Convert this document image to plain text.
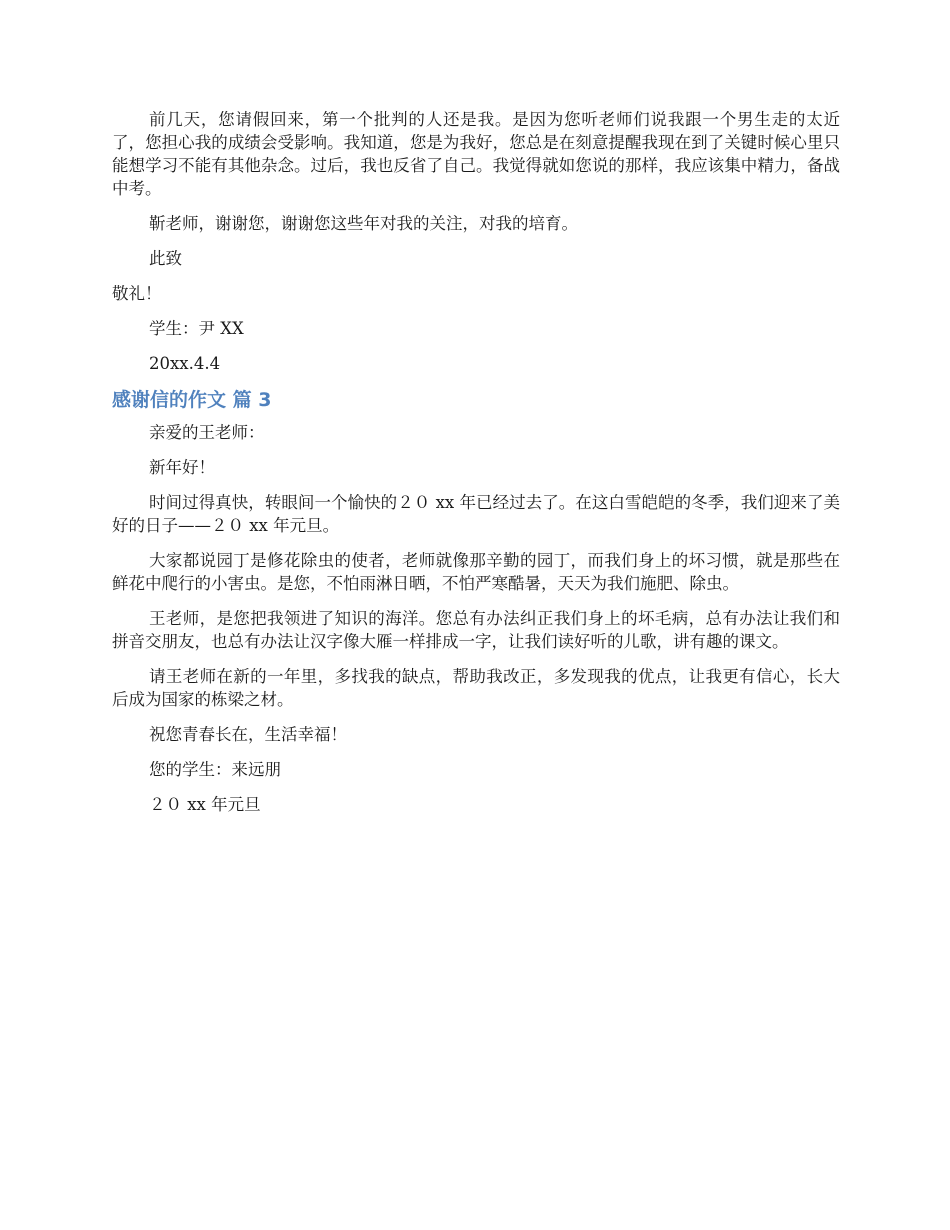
前几天，您请假回来，第一个批判的人还是我。是因为您听老师们说我跟一个男生走的太近了，您担心我的成绩会受影响。我知道，您是为我好，您总是在刻意提醒我现在到了关键时候心里只能想学习不能有其他杂念。过后，我也反省了自己。我觉得就如您说的那样，我应该集中精力，备战中考。

靳老师，谢谢您，谢谢您这些年对我的关注，对我的培育。

此致

敬礼！

学生：尹 XX

20xx.4.4

感谢信的作文 篇 3

亲爱的王老师：

新年好！

时间过得真快，转眼间一个愉快的２０ xx 年已经过去了。在这白雪皑皑的冬季，我们迎来了美好的日子——２０ xx 年元旦。

大家都说园丁是修花除虫的使者，老师就像那辛勤的园丁，而我们身上的坏习惯，就是那些在鲜花中爬行的小害虫。是您，不怕雨淋日晒，不怕严寒酷暑，天天为我们施肥、除虫。

王老师，是您把我领进了知识的海洋。您总有办法纠正我们身上的坏毛病，总有办法让我们和拼音交朋友，也总有办法让汉字像大雁一样排成一字，让我们读好听的儿歌，讲有趣的课文。

请王老师在新的一年里，多找我的缺点，帮助我改正，多发现我的优点，让我更有信心，长大后成为国家的栋梁之材。

祝您青春长在，生活幸福！

您的学生：来远朋

２０ xx 年元旦
